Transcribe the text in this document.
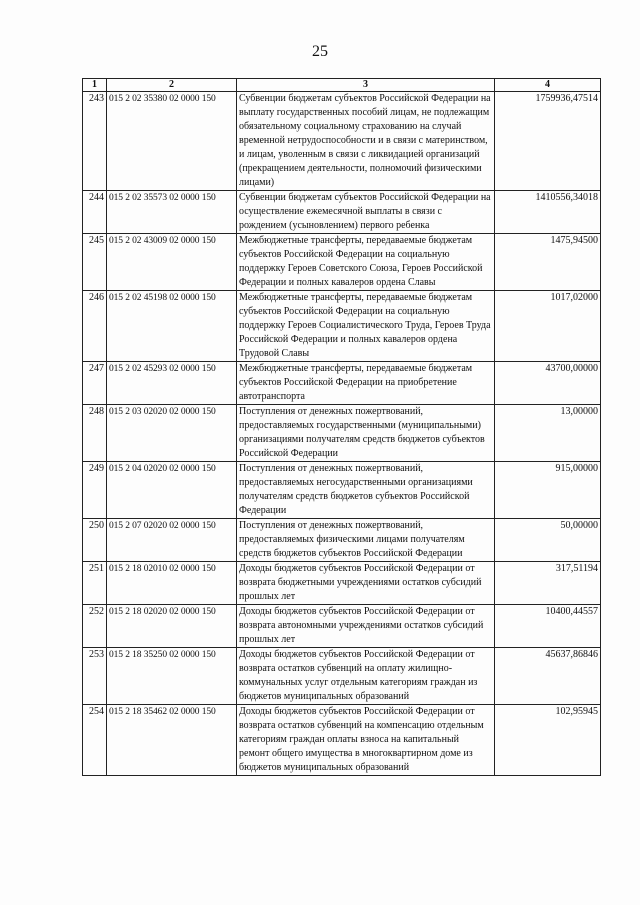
25
1	2	3	4
243	015 2 02 35380 02 0000 150	Субвенции бюджетам субъектов Российской Федерации на выплату государственных пособий лицам, не подлежащим обязательному социальному страхованию на случай временной нетрудоспособности и в связи с материнством, и лицам, уволенным в связи с ликвидацией организаций (прекращением деятельности, полномочий физическими лицами)	1759936,47514
244	015 2 02 35573 02 0000 150	Субвенции бюджетам субъектов Российской Федерации на осуществление ежемесячной выплаты в связи с рождением (усыновлением) первого ребенка	1410556,34018
245	015 2 02 43009 02 0000 150	Межбюджетные трансферты, передаваемые бюджетам субъектов Российской Федерации на социальную поддержку Героев Советского Союза, Героев Российской Федерации и полных кавалеров ордена Славы	1475,94500
246	015 2 02 45198 02 0000 150	Межбюджетные трансферты, передаваемые бюджетам субъектов Российской Федерации на социальную поддержку Героев Социалистического Труда, Героев Труда Российской Федерации и полных кавалеров ордена Трудовой Славы	1017,02000
247	015 2 02 45293 02 0000 150	Межбюджетные трансферты, передаваемые бюджетам субъектов Российской Федерации на приобретение автотранспорта	43700,00000
248	015 2 03 02020 02 0000 150	Поступления от денежных пожертвований, предоставляемых государственными (муниципальными) организациями получателям средств бюджетов субъектов Российской Федерации	13,00000
249	015 2 04 02020 02 0000 150	Поступления от денежных пожертвований, предоставляемых негосударственными организациями получателям средств бюджетов субъектов Российской Федерации	915,00000
250	015 2 07 02020 02 0000 150	Поступления от денежных пожертвований, предоставляемых физическими лицами получателям средств бюджетов субъектов Российской Федерации	50,00000
251	015 2 18 02010 02 0000 150	Доходы бюджетов субъектов Российской Федерации от возврата бюджетными учреждениями остатков субсидий прошлых лет	317,51194
252	015 2 18 02020 02 0000 150	Доходы бюджетов субъектов Российской Федерации от возврата автономными учреждениями остатков субсидий прошлых лет	10400,44557
253	015 2 18 35250 02 0000 150	Доходы бюджетов субъектов Российской Федерации от возврата остатков субвенций на оплату жилищно-коммунальных услуг отдельным категориям граждан из бюджетов муниципальных образований	45637,86846
254	015 2 18 35462 02 0000 150	Доходы бюджетов субъектов Российской Федерации от возврата остатков субвенций на компенсацию отдельным категориям граждан оплаты взноса на капитальный ремонт общего имущества в многоквартирном доме из бюджетов муниципальных образований	102,95945
